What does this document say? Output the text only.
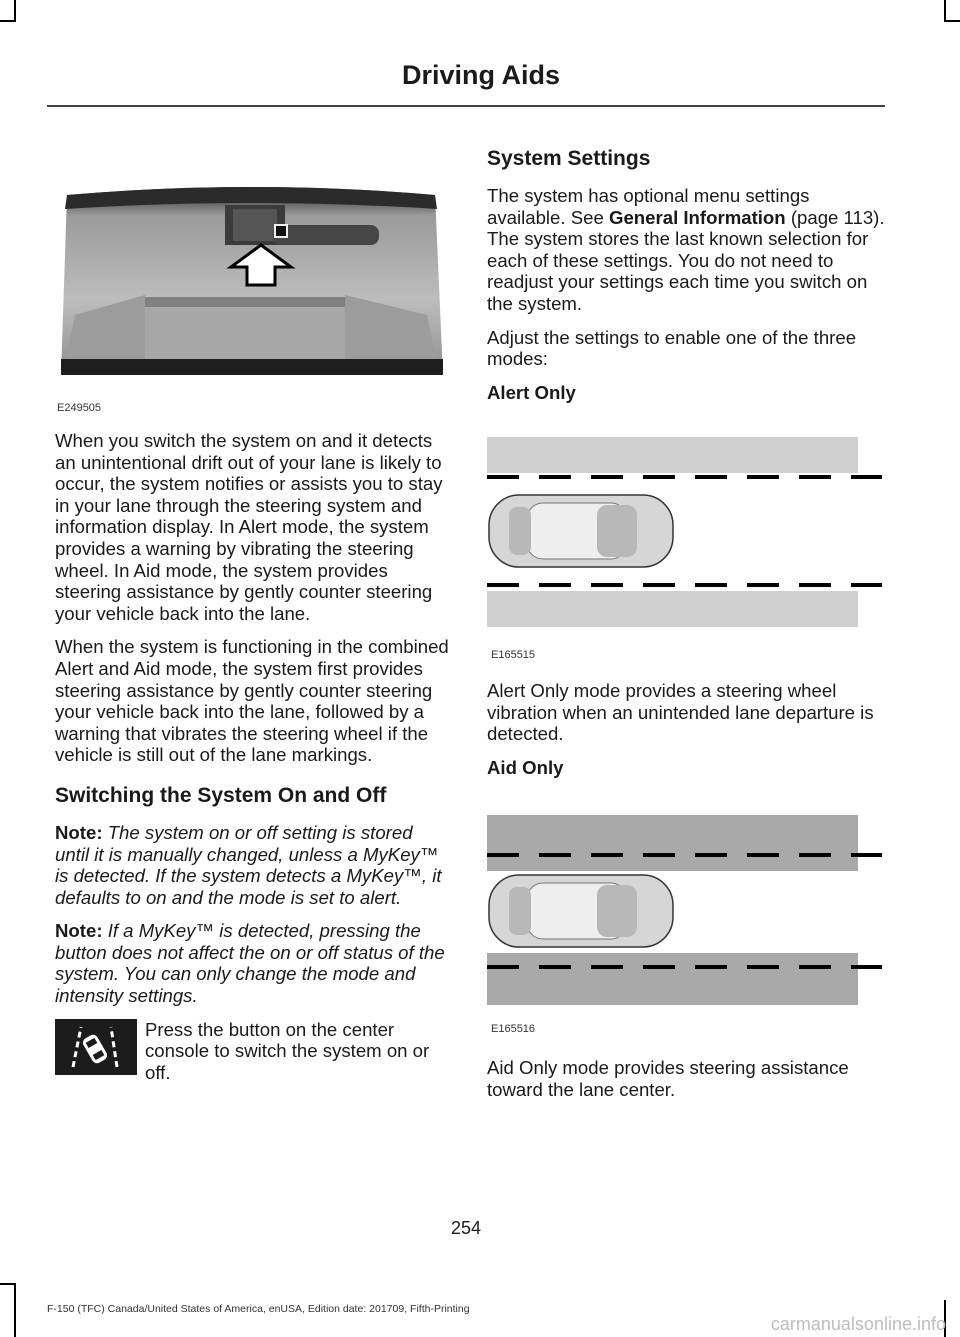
Driving Aids
E249505

When you switch the system on and it detects an unintentional drift out of your lane is likely to occur, the system notifies or assists you to stay in your lane through the steering system and information display. In Alert mode, the system provides a warning by vibrating the steering wheel. In Aid mode, the system provides steering assistance by gently counter steering your vehicle back into the lane.

When the system is functioning in the combined Alert and Aid mode, the system first provides steering assistance by gently counter steering your vehicle back into the lane, followed by a warning that vibrates the steering wheel if the vehicle is still out of the lane markings.

Switching the System On and Off

Note: The system on or off setting is stored until it is manually changed, unless a MyKey™ is detected. If the system detects a MyKey™, it defaults to on and the mode is set to alert.

Note: If a MyKey™ is detected, pressing the button does not affect the on or off status of the system. You can only change the mode and intensity settings.

Press the button on the center console to switch the system on or off.

System Settings

The system has optional menu settings available. See General Information (page 113). The system stores the last known selection for each of these settings. You do not need to readjust your settings each time you switch on the system.

Adjust the settings to enable one of the three modes:

Alert Only
E165515

Alert Only mode provides a steering wheel vibration when an unintended lane departure is detected.

Aid Only
E165516

Aid Only mode provides steering assistance toward the lane center.

254
F-150 (TFC) Canada/United States of America, enUSA, Edition date: 201709, Fifth-Printing
carmanualsonline.info
